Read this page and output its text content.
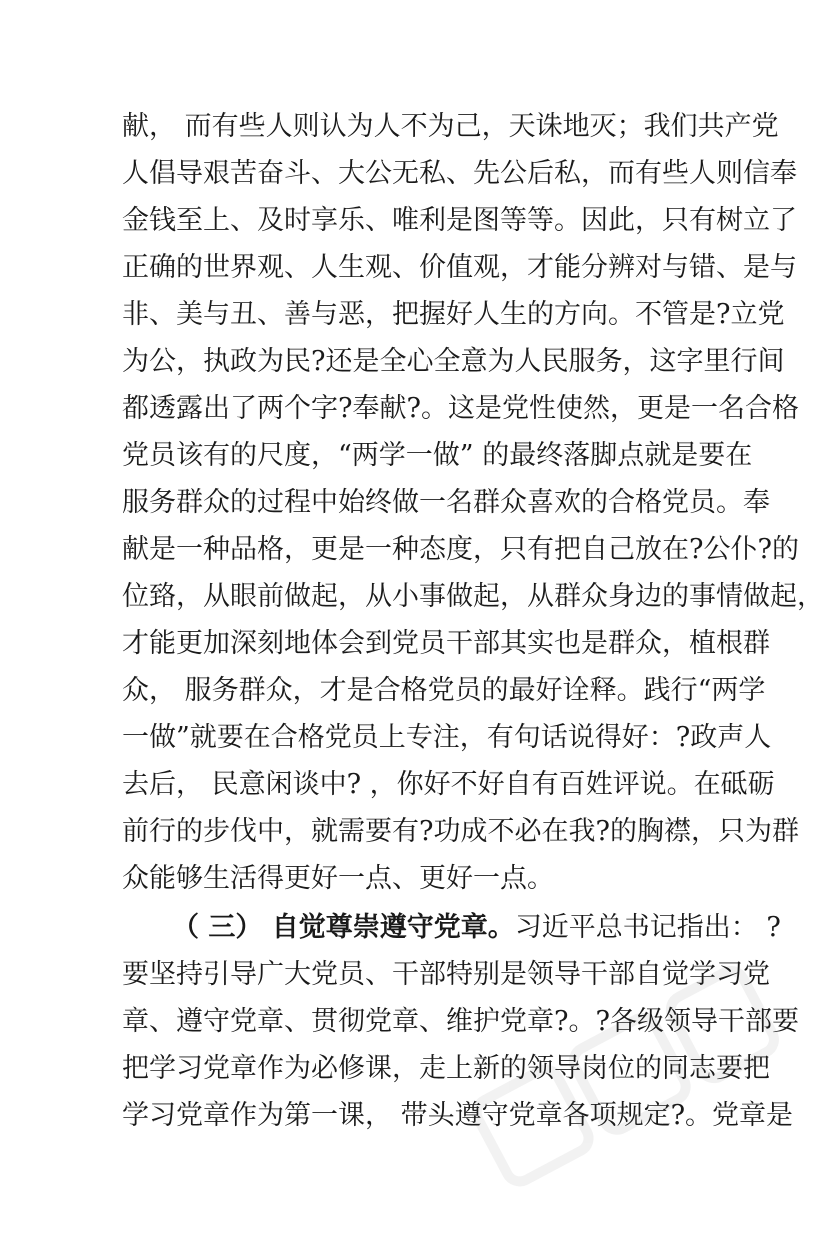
献， 而有些人则认为人不为己，天诛地灭；我们共产党
人倡导艰苦奋斗、大公无私、先公后私，而有些人则信奉
金钱至上、及时享乐、唯利是图等等。因此，只有树立了
正确的世界观、人生观、价值观，才能分辨对与错、是与
非、美与丑、善与恶，把握好人生的方向。不管是?立党
为公，执政为民?还是全心全意为人民服务，这字里行间
都透露出了两个字?奉献?。这是党性使然，更是一名合格
党员该有的尺度，“两学一做” 的最终落脚点就是要在
服务群众的过程中始终做一名群众喜欢的合格党员。奉
献是一种品格，更是一种态度，只有把自己放在?公仆?的
位臵，从眼前做起，从小事做起，从群众身边的事情做起，
才能更加深刻地体会到党员干部其实也是群众，植根群
众， 服务群众，才是合格党员的最好诠释。践行“两学
一做”就要在合格党员上专注，有句话说得好：?政声人
去后， 民意闲谈中? ，你好不好自有百姓评说。在砥砺
前行的步伐中，就需要有?功成不必在我?的胸襟，只为群
众能够生活得更好一点、更好一点。
（ 三） 自觉尊崇遵守党章。习近平总书记指出： ?
要坚持引导广大党员、干部特别是领导干部自觉学习党
章、遵守党章、贯彻党章、维护党章?。?各级领导干部要
把学习党章作为必修课，走上新的领导岗位的同志要把
学习党章作为第一课， 带头遵守党章各项规定?。党章是
